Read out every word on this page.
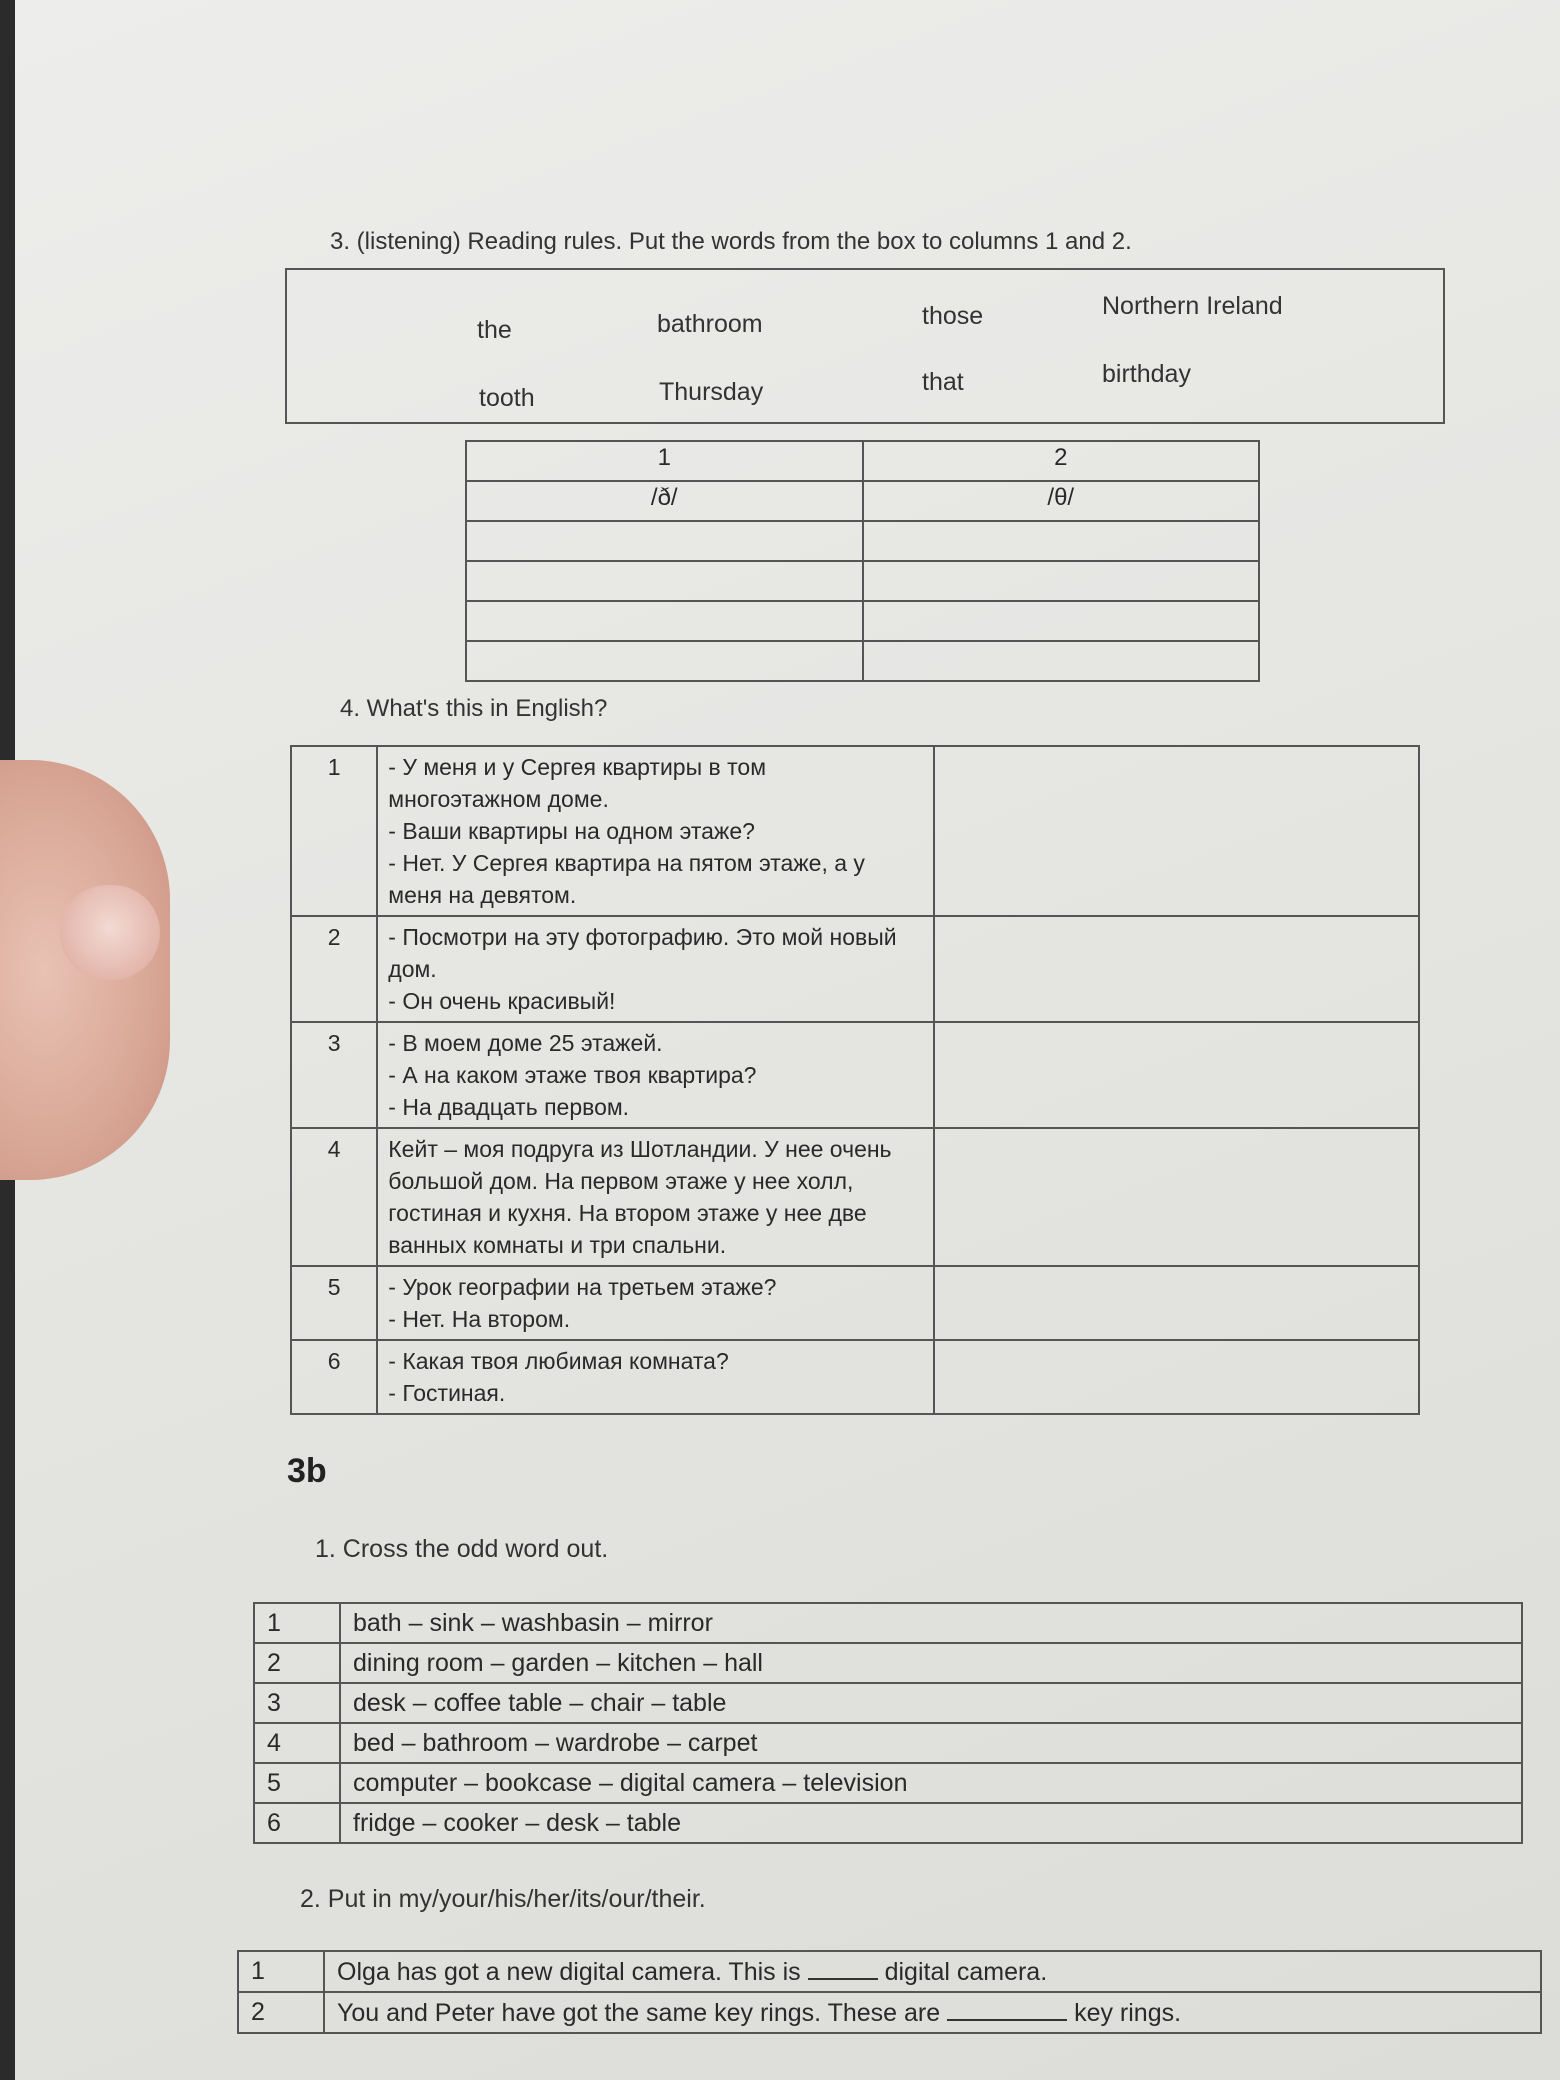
3. (listening) Reading rules. Put the words from the box to columns 1 and 2.
the	bathroom	those	Northern Ireland
tooth	Thursday	that	birthday
1	2
/ð/	/θ/

4. What's this in English?
1	- У меня и у Сергея квартиры в том
многоэтажном доме.
- Ваши квартиры на одном этаже?
- Нет. У Сергея квартира на пятом этаже, а у
меня на девятом.	

2	- Посмотри на эту фотографию. Это мой новый
дом.
- Он очень красивый!	

3	- В моем доме 25 этажей.
- А на каком этаже твоя квартира?
- На двадцать первом.	

4	Кейт – моя подруга из Шотландии. У нее очень
большой дом. На первом этаже у нее холл,
гостиная и кухня. На втором этаже у нее две
ванных комнаты и три спальни.	

5	- Урок географии на третьем этаже?
- Нет. На втором.	

6	- Какая твоя любимая комната?
- Гостиная.	

3b
1. Cross the odd word out.
1	bath – sink – washbasin – mirror
2	dining room – garden – kitchen – hall
3	desk – coffee table – chair – table
4	bed – bathroom – wardrobe – carpet
5	computer – bookcase – digital camera – television
6	fridge – cooker – desk – table
2. Put in my/your/his/her/its/our/their.
1	Olga has got a new digital camera. This is digital camera.
2	You and Peter have got the same key rings. These are key rings.
